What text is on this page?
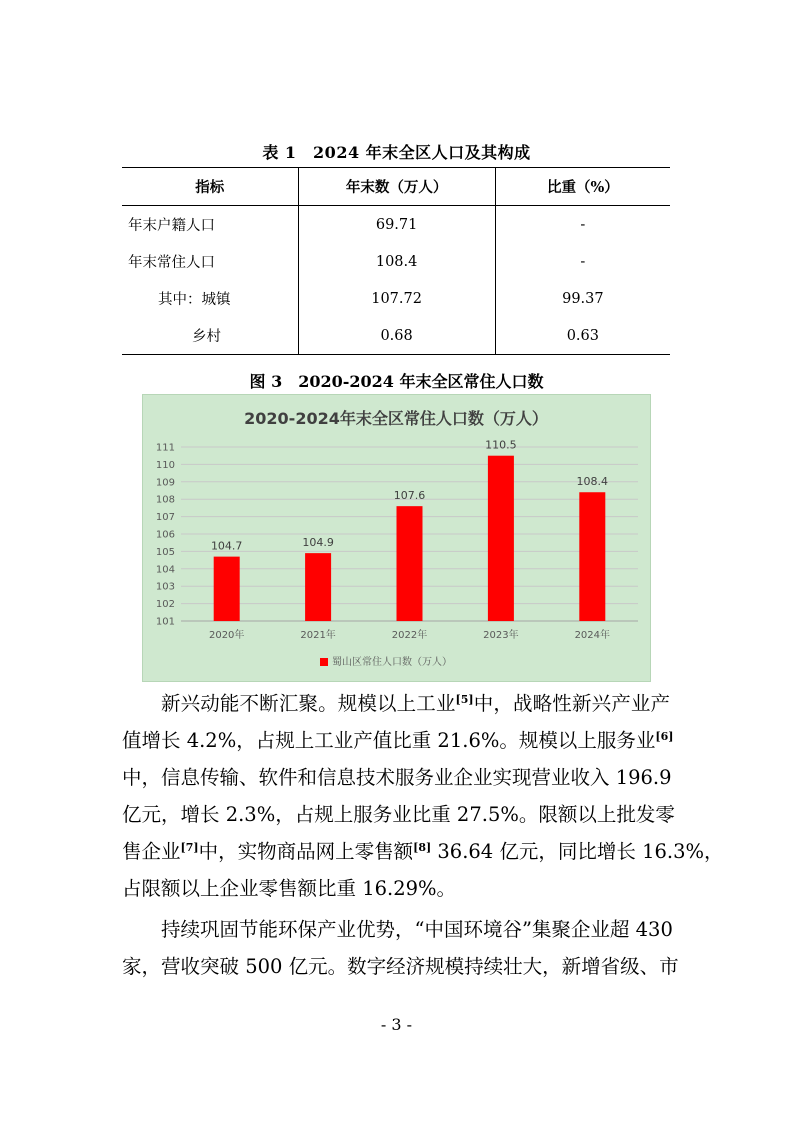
表 1　2024 年末全区人口及其构成
指标	年末数（万人）	比重（%）
年末户籍人口	69.71	-
年末常住人口	108.4	-
其中：城镇	107.72	99.37
乡村	0.68	0.63
图 3　2020-2024 年末全区常住人口数
2020-2024年末全区常住人口数（万人）
101
102
103
104
105
106
107
108
109
110
111
104.7	104.9
107.6
110.5
108.4
2020年	2021年	2022年	2023年	2024年
蜀山区常住人口数（万人）
新兴动能不断汇聚。规模以上工业[5]中，战略性新兴产业产
值增长 4.2%，占规上工业产值比重 21.6%。规模以上服务业[6]
中，信息传输、软件和信息技术服务业企业实现营业收入 196.9
亿元，增长 2.3%，占规上服务业比重 27.5%。限额以上批发零
售企业[7]中，实物商品网上零售额[8] 36.64 亿元，同比增长 16.3%，
占限额以上企业零售额比重 16.29%。
持续巩固节能环保产业优势，“中国环境谷”集聚企业超 430
家，营收突破 500 亿元。数字经济规模持续壮大，新增省级、市
- 3 -
